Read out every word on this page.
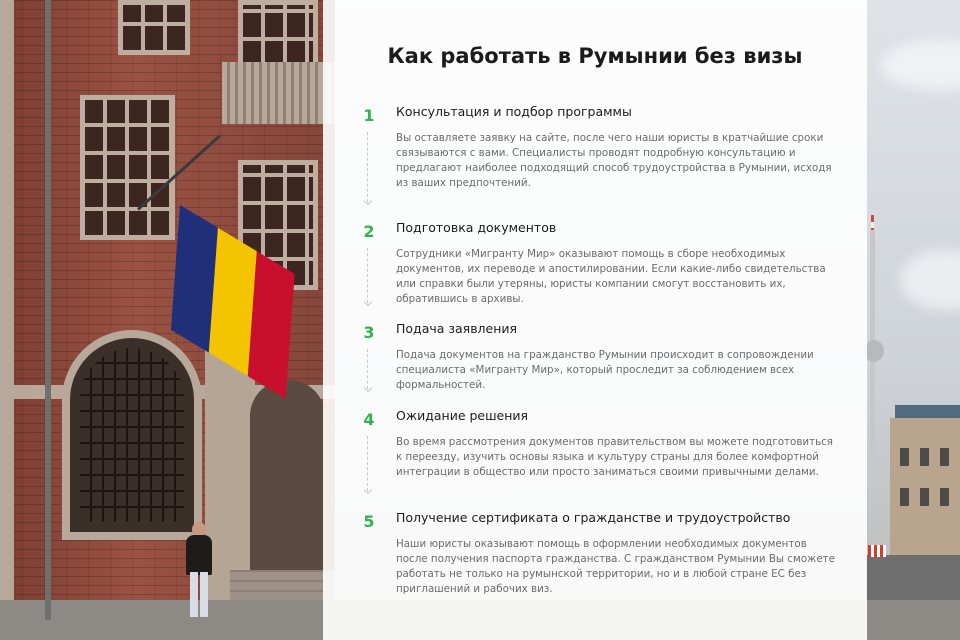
Как работать в Румынии без визы
1 Консультация и подбор программы
Вы оставляете заявку на сайте, после чего наши юристы в кратчайшие сроки связываются с вами. Специалисты проводят подробную консультацию и предлагают наиболее подходящий способ трудоустройства в Румынии, исходя из ваших предпочтений.
2 Подготовка документов
Сотрудники «Мигранту Мир» оказывают помощь в сборе необходимых документов, их переводе и апостилировании. Если какие-либо свидетельства или справки были утеряны, юристы компании смогут восстановить их, обратившись в архивы.
3 Подача заявления
Подача документов на гражданство Румынии происходит в сопровождении специалиста «Мигранту Мир», который проследит за соблюдением всех формальностей.
4 Ожидание решения
Во время рассмотрения документов правительством вы можете подготовиться к переезду, изучить основы языка и культуру страны для более комфортной интеграции в общество или просто заниматься своими привычными делами.
5 Получение сертификата о гражданстве и трудоустройство
Наши юристы оказывают помощь в оформлении необходимых документов после получения паспорта гражданства. С гражданством Румынии Вы сможете работать не только на румынской территории, но и в любой стране ЕС без приглашений и рабочих виз.
